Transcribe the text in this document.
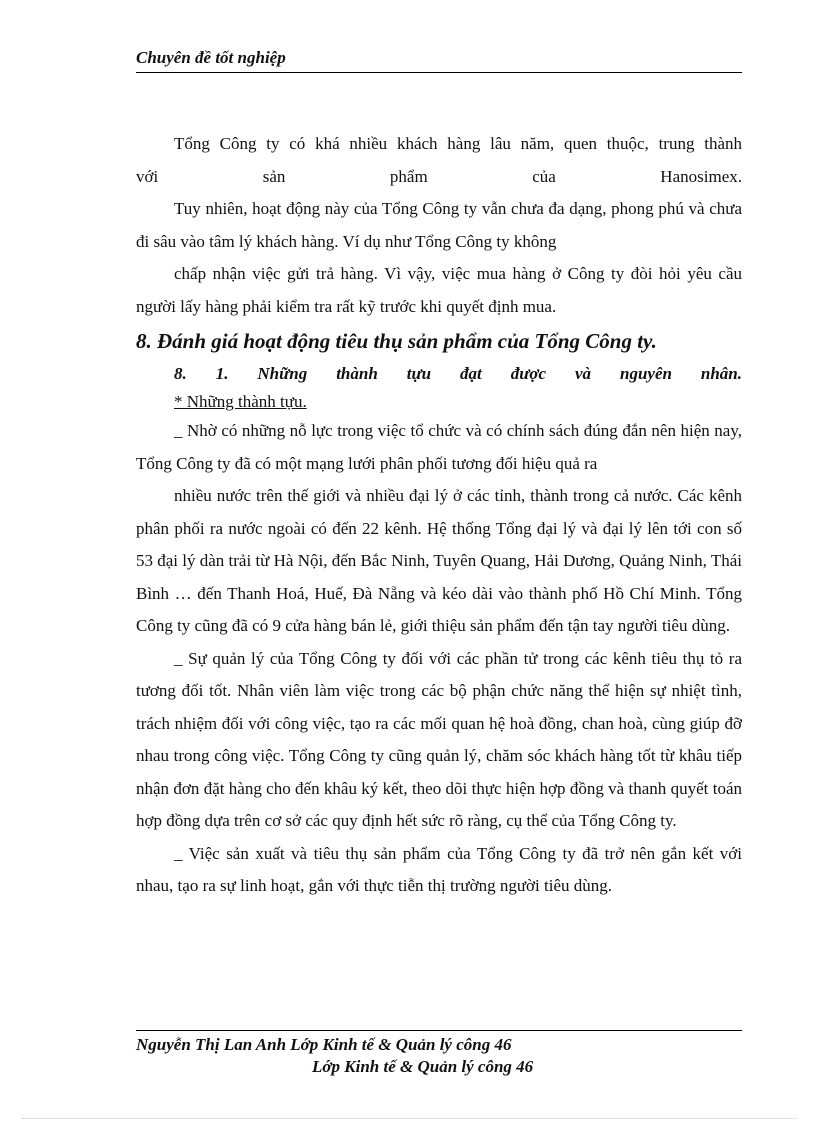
Chuyên đề tốt nghiệp

Tổng Công ty có khá nhiều khách hàng lâu năm, quen thuộc, trung thành

với sản phẩm của Hanosimex.

Tuy nhiên, hoạt động này của Tổng Công ty vẫn chưa đa dạng, phong phú và chưa đi sâu vào tâm lý khách hàng. Ví dụ như Tổng Công ty không

chấp nhận việc gửi trả hàng. Vì vậy, việc mua hàng ở Công ty đòi hỏi yêu cầu người lấy hàng phải kiểm tra rất kỹ trước khi quyết định mua.

8. Đánh giá hoạt động tiêu thụ sản phẩm của Tổng Công ty.

8. 1. Những thành tựu đạt được và nguyên nhân.

* Những thành tựu.

_ Nhờ có những nỗ lực trong việc tổ chức và có chính sách đúng đắn nên hiện nay, Tổng Công ty đã có một mạng lưới phân phối tương đối hiệu quả ra

nhiều nước trên thế giới và nhiều đại lý ở các tỉnh, thành trong cả nước. Các kênh phân phối ra nước ngoài có đến 22 kênh. Hệ thống Tổng đại lý và đại lý lên tới con số 53 đại lý dàn trải từ Hà Nội, đến Bắc Ninh, Tuyên Quang, Hải Dương, Quảng Ninh, Thái Bình … đến Thanh Hoá, Huế, Đà Nẵng và kéo dài vào thành phố Hồ Chí Minh. Tổng Công ty cũng đã có 9 cửa hàng bán lẻ, giới thiệu sản phẩm đến tận tay người tiêu dùng.

_ Sự quản lý của Tổng Công ty đối với các phần tử trong các kênh tiêu thụ tỏ ra tương đối tốt. Nhân viên làm việc trong các bộ phận chức năng thể hiện sự nhiệt tình, trách nhiệm đối với công việc, tạo ra các mối quan hệ hoà đồng, chan hoà, cùng giúp đỡ nhau trong công việc. Tổng Công ty cũng quản lý, chăm sóc khách hàng tốt từ khâu tiếp nhận đơn đặt hàng cho đến khâu ký kết, theo dõi thực hiện hợp đồng và thanh quyết toán hợp đồng dựa trên cơ sở các quy định hết sức rõ ràng, cụ thể của Tổng Công ty.

_ Việc sản xuất và tiêu thụ sản phẩm của Tổng Công ty đã trở nên gắn kết với nhau, tạo ra sự linh hoạt, gắn với thực tiễn thị trường người tiêu dùng.

Nguyễn Thị Lan Anh Lớp Kinh tế & Quản lý công 46
Lớp Kinh tế & Quản lý công 46
